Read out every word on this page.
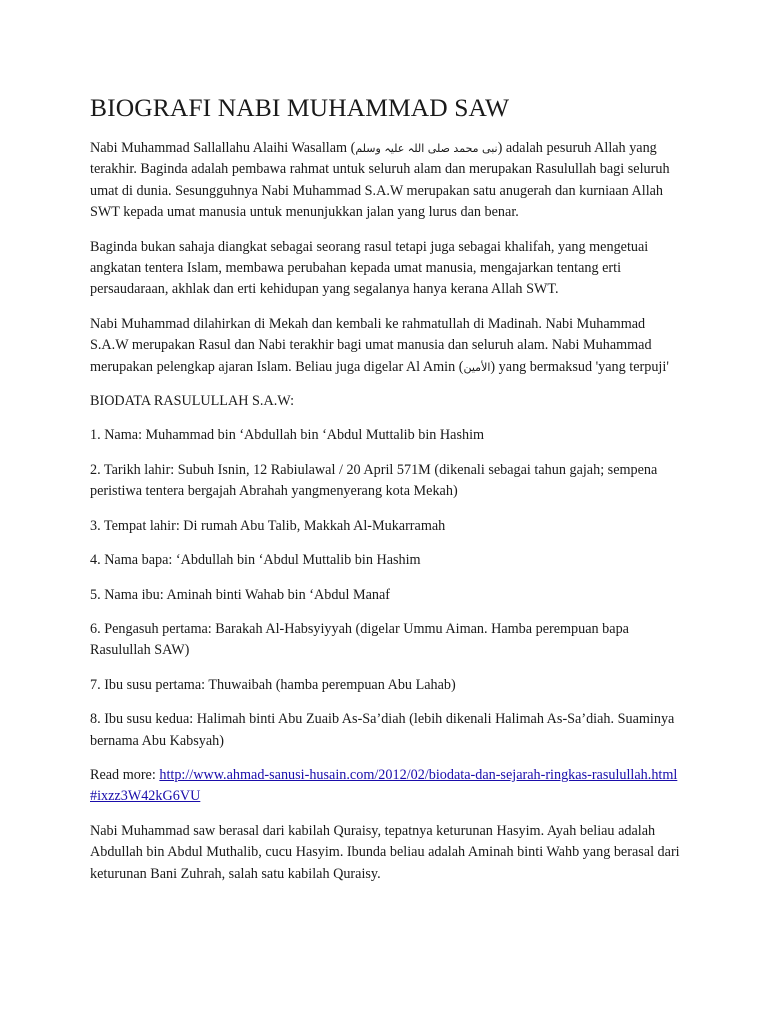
BIOGRAFI NABI MUHAMMAD SAW

Nabi Muhammad Sallallahu Alaihi Wasallam (نبی محمد صلی اللہ علیہ وسلم) adalah pesuruh Allah yang terakhir. Baginda adalah pembawa rahmat untuk seluruh alam dan merupakan Rasulullah bagi seluruh umat di dunia. Sesungguhnya Nabi Muhammad S.A.W merupakan satu anugerah dan kurniaan Allah SWT kepada umat manusia untuk menunjukkan jalan yang lurus dan benar.

Baginda bukan sahaja diangkat sebagai seorang rasul tetapi juga sebagai khalifah, yang mengetuai angkatan tentera Islam, membawa perubahan kepada umat manusia, mengajarkan tentang erti persaudaraan, akhlak dan erti kehidupan yang segalanya hanya kerana Allah SWT.

Nabi Muhammad dilahirkan di Mekah dan kembali ke rahmatullah di Madinah. Nabi Muhammad S.A.W merupakan Rasul dan Nabi terakhir bagi umat manusia dan seluruh alam. Nabi Muhammad merupakan pelengkap ajaran Islam. Beliau juga digelar Al Amin (الأمين) yang bermaksud 'yang terpuji'

BIODATA RASULULLAH S.A.W:

1. Nama: Muhammad bin ‘Abdullah bin ‘Abdul Muttalib bin Hashim

2. Tarikh lahir: Subuh Isnin, 12 Rabiulawal / 20 April 571M (dikenali sebagai tahun gajah; sempena peristiwa tentera bergajah Abrahah yangmenyerang kota Mekah)

3. Tempat lahir: Di rumah Abu Talib, Makkah Al-Mukarramah

4. Nama bapa: ‘Abdullah bin ‘Abdul Muttalib bin Hashim

5. Nama ibu: Aminah binti Wahab bin ‘Abdul Manaf

6. Pengasuh pertama: Barakah Al-Habsyiyyah (digelar Ummu Aiman. Hamba perempuan bapa Rasulullah SAW)

7. Ibu susu pertama: Thuwaibah (hamba perempuan Abu Lahab)

8. Ibu susu kedua: Halimah binti Abu Zuaib As-Sa’diah (lebih dikenali Halimah As-Sa’diah. Suaminya bernama Abu Kabsyah)

Read more: http://www.ahmad-sanusi-husain.com/2012/02/biodata-dan-sejarah-ringkas-rasulullah.html#ixzz3W42kG6VU

Nabi Muhammad saw berasal dari kabilah Quraisy, tepatnya keturunan Hasyim. Ayah beliau adalah Abdullah bin Abdul Muthalib, cucu Hasyim. Ibunda beliau adalah Aminah binti Wahb yang berasal dari keturunan Bani Zuhrah, salah satu kabilah Quraisy.
